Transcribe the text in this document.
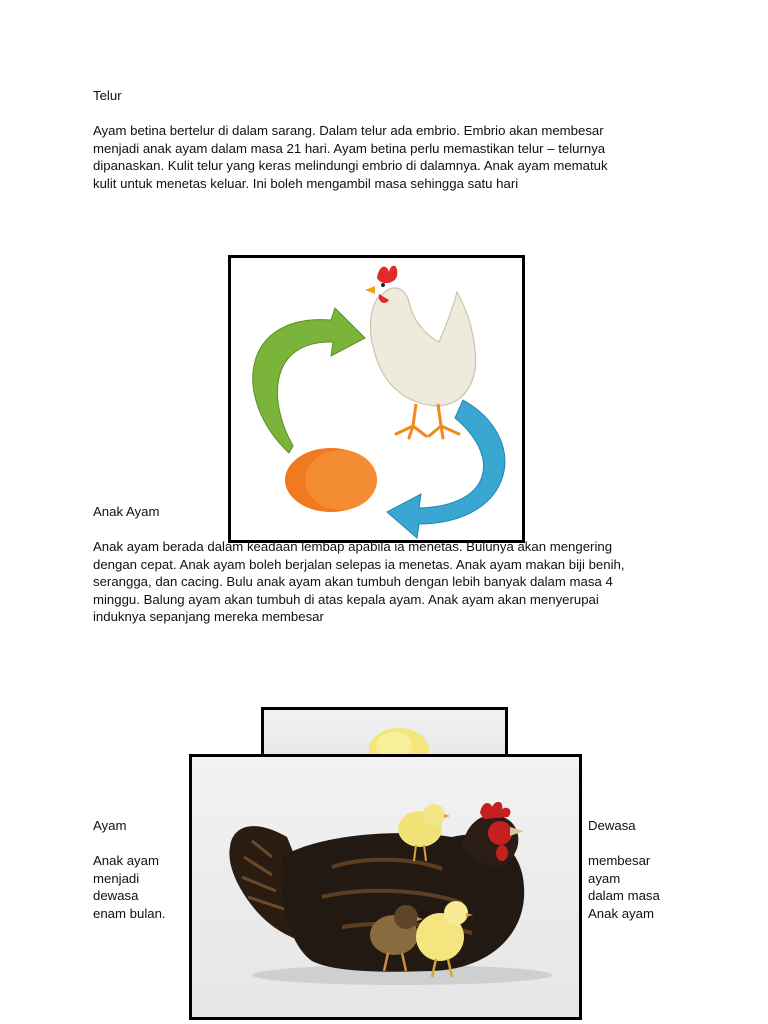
Telur
Ayam betina bertelur di dalam sarang. Dalam telur ada embrio. Embrio akan membesar
menjadi anak ayam dalam masa 21 hari. Ayam betina perlu memastikan telur – telurnya
dipanaskan. Kulit telur yang keras melindungi embrio di dalamnya. Anak ayam mematuk
kulit untuk menetas keluar. Ini boleh mengambil masa sehingga satu hari
Anak Ayam
Anak ayam berada dalam keadaan lembap apabila ia menetas. Bulunya akan mengering
dengan cepat. Anak ayam boleh berjalan selepas ia menetas. Anak ayam makan biji benih,
serangga, dan cacing. Bulu anak ayam akan tumbuh dengan lebih banyak dalam masa 4
minggu. Balung ayam akan tumbuh di atas kepala ayam. Anak ayam akan menyerupai
induknya sepanjang mereka membesar
Ayam
Anak ayam
menjadi
dewasa
enam bulan.
Dewasa
membesar
ayam
dalam masa
Anak ayam
